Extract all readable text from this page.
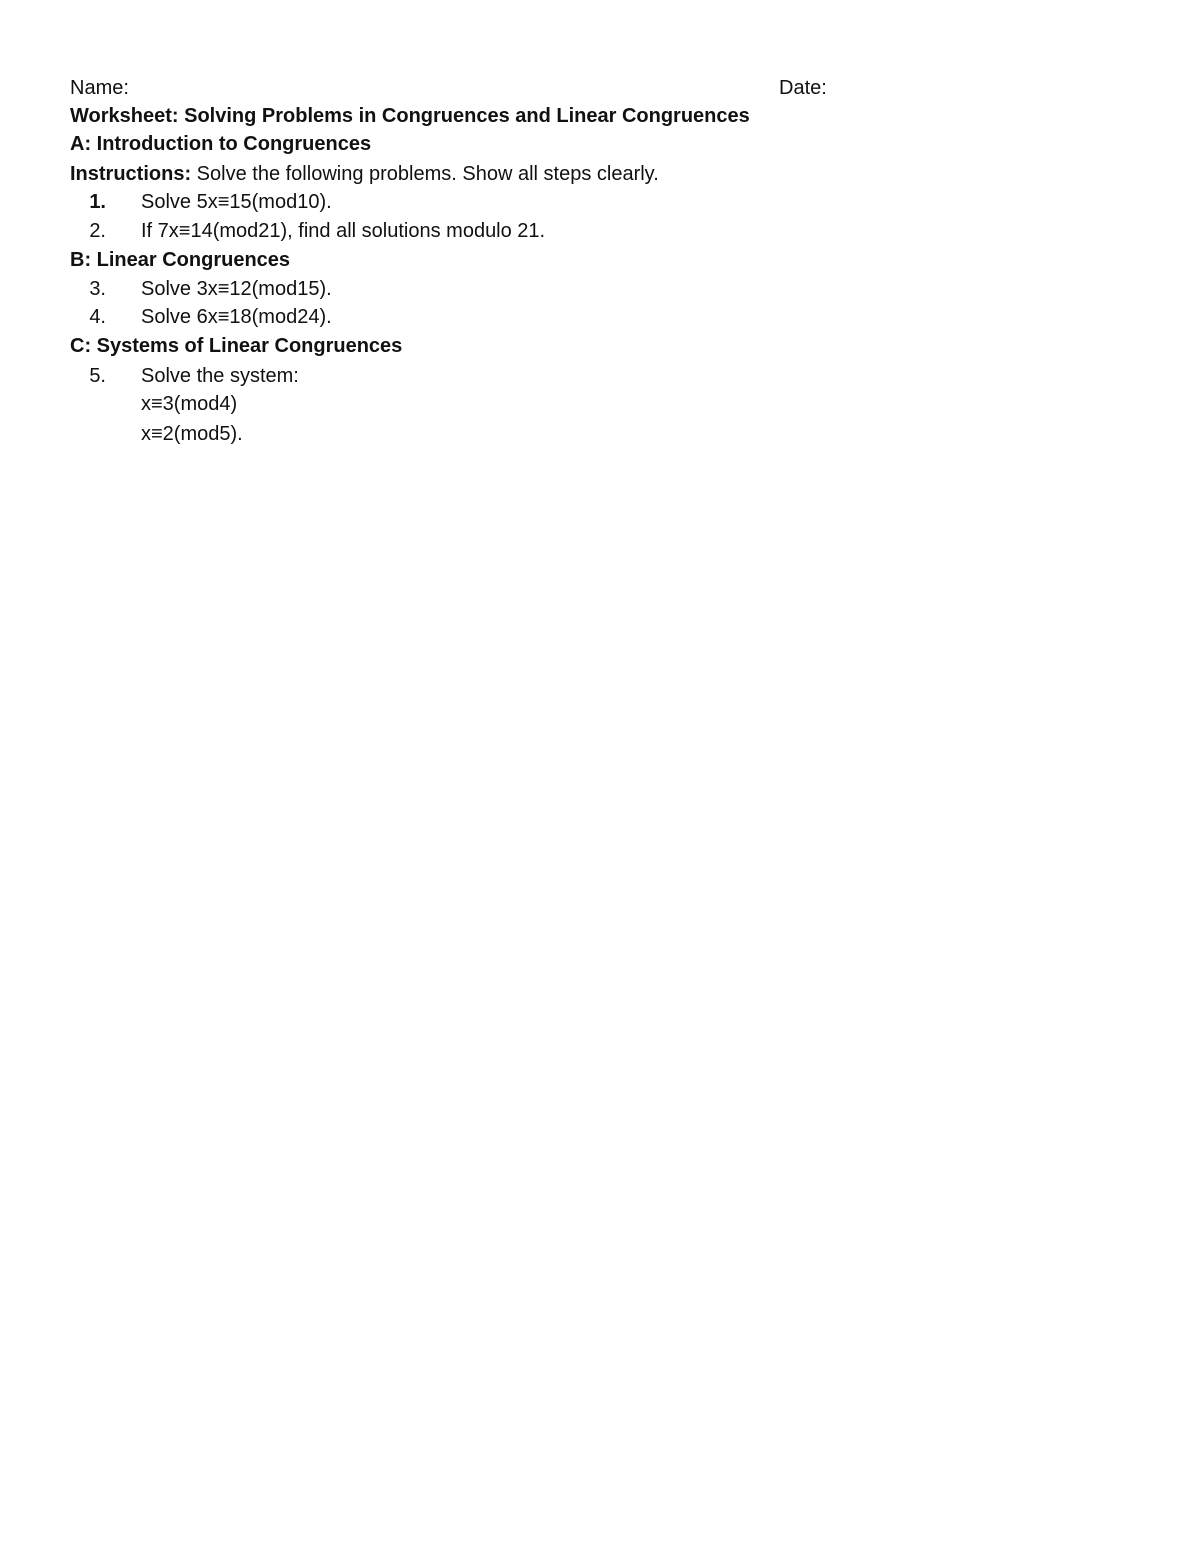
Name:	Date:
Worksheet: Solving Problems in Congruences and Linear Congruences
A: Introduction to Congruences
Instructions: Solve the following problems. Show all steps clearly.
1. Solve 5x≡15(mod10).
2. If 7x≡14(mod21), find all solutions modulo 21.
B: Linear Congruences
3. Solve 3x≡12(mod15).
4. Solve 6x≡18(mod24).
C: Systems of Linear Congruences
5. Solve the system:
x≡3(mod4)
x≡2(mod5).
